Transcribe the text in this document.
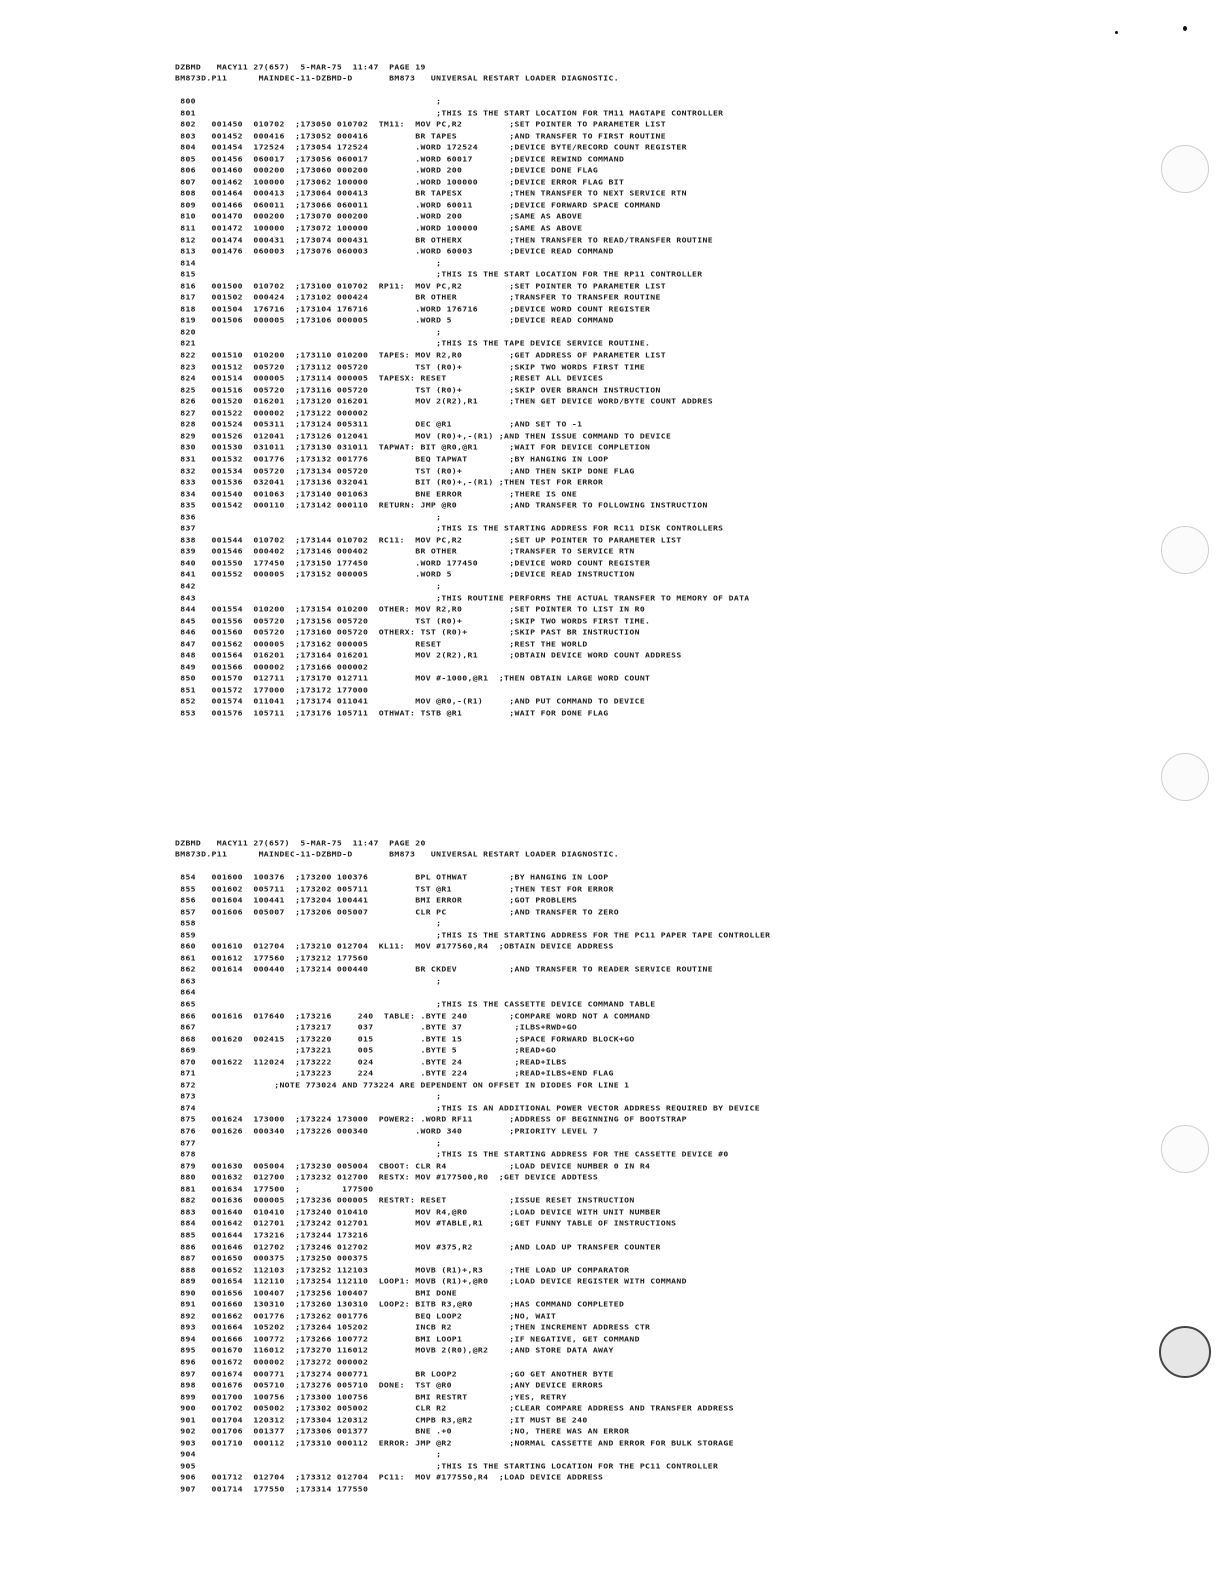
DZBMD   MACY11 27(657)  5-MAR-75  11:47  PAGE 19
BM873D.P11      MAINDEC-11-DZBMD-D       BM873   UNIVERSAL RESTART LOADER DIAGNOSTIC.
800                                              ;
801                                              ;THIS IS THE START LOCATION FOR TM11 MAGTAPE CONTROLLER
802   001450  010702  ;173050 010702  TM11:  MOV PC,R2         ;SET POINTER TO PARAMETER LIST
803   001452  000416  ;173052 000416         BR TAPES          ;AND TRANSFER TO FIRST ROUTINE
804   001454  172524  ;173054 172524         .WORD 172524      ;DEVICE BYTE/RECORD COUNT REGISTER
805   001456  060017  ;173056 060017         .WORD 60017       ;DEVICE REWIND COMMAND
806   001460  000200  ;173060 000200         .WORD 200         ;DEVICE DONE FLAG
807   001462  100000  ;173062 100000         .WORD 100000      ;DEVICE ERROR FLAG BIT
808   001464  000413  ;173064 000413         BR TAPESX         ;THEN TRANSFER TO NEXT SERVICE RTN
809   001466  060011  ;173066 060011         .WORD 60011       ;DEVICE FORWARD SPACE COMMAND
810   001470  000200  ;173070 000200         .WORD 200         ;SAME AS ABOVE
811   001472  100000  ;173072 100000         .WORD 100000      ;SAME AS ABOVE
812   001474  000431  ;173074 000431         BR OTHERX         ;THEN TRANSFER TO READ/TRANSFER ROUTINE
813   001476  060003  ;173076 060003         .WORD 60003       ;DEVICE READ COMMAND
814                                              ;
815                                              ;THIS IS THE START LOCATION FOR THE RP11 CONTROLLER
816   001500  010702  ;173100 010702  RP11:  MOV PC,R2         ;SET POINTER TO PARAMETER LIST
817   001502  000424  ;173102 000424         BR OTHER          ;TRANSFER TO TRANSFER ROUTINE
818   001504  176716  ;173104 176716         .WORD 176716      ;DEVICE WORD COUNT REGISTER
819   001506  000005  ;173106 000005         .WORD 5           ;DEVICE READ COMMAND
820                                              ;
821                                              ;THIS IS THE TAPE DEVICE SERVICE ROUTINE.
822   001510  010200  ;173110 010200  TAPES: MOV R2,R0         ;GET ADDRESS OF PARAMETER LIST
823   001512  005720  ;173112 005720         TST (R0)+         ;SKIP TWO WORDS FIRST TIME
824   001514  000005  ;173114 000005  TAPESX: RESET            ;RESET ALL DEVICES
825   001516  005720  ;173116 005720         TST (R0)+         ;SKIP OVER BRANCH INSTRUCTION
826   001520  016201  ;173120 016201         MOV 2(R2),R1      ;THEN GET DEVICE WORD/BYTE COUNT ADDRES
827   001522  000002  ;173122 000002
828   001524  005311  ;173124 005311         DEC @R1           ;AND SET TO -1
829   001526  012041  ;173126 012041         MOV (R0)+,-(R1) ;AND THEN ISSUE COMMAND TO DEVICE
830   001530  031011  ;173130 031011  TAPWAT: BIT @R0,@R1      ;WAIT FOR DEVICE COMPLETION
831   001532  001776  ;173132 001776         BEQ TAPWAT        ;BY HANGING IN LOOP
832   001534  005720  ;173134 005720         TST (R0)+         ;AND THEN SKIP DONE FLAG
833   001536  032041  ;173136 032041         BIT (R0)+,-(R1) ;THEN TEST FOR ERROR
834   001540  001063  ;173140 001063         BNE ERROR         ;THERE IS ONE
835   001542  000110  ;173142 000110  RETURN: JMP @R0          ;AND TRANSFER TO FOLLOWING INSTRUCTION
836                                              ;
837                                              ;THIS IS THE STARTING ADDRESS FOR RC11 DISK CONTROLLERS
838   001544  010702  ;173144 010702  RC11:  MOV PC,R2         ;SET UP POINTER TO PARAMETER LIST
839   001546  000402  ;173146 000402         BR OTHER          ;TRANSFER TO SERVICE RTN
840   001550  177450  ;173150 177450         .WORD 177450      ;DEVICE WORD COUNT REGISTER
841   001552  000005  ;173152 000005         .WORD 5           ;DEVICE READ INSTRUCTION
842                                              ;
843                                              ;THIS ROUTINE PERFORMS THE ACTUAL TRANSFER TO MEMORY OF DATA
844   001554  010200  ;173154 010200  OTHER: MOV R2,R0         ;SET POINTER TO LIST IN R0
845   001556  005720  ;173156 005720         TST (R0)+         ;SKIP TWO WORDS FIRST TIME.
846   001560  005720  ;173160 005720  OTHERX: TST (R0)+        ;SKIP PAST BR INSTRUCTION
847   001562  000005  ;173162 000005         RESET             ;REST THE WORLD
848   001564  016201  ;173164 016201         MOV 2(R2),R1      ;OBTAIN DEVICE WORD COUNT ADDRESS
849   001566  000002  ;173166 000002
850   001570  012711  ;173170 012711         MOV #-1000,@R1  ;THEN OBTAIN LARGE WORD COUNT
851   001572  177000  ;173172 177000
852   001574  011041  ;173174 011041         MOV @R0,-(R1)     ;AND PUT COMMAND TO DEVICE
853   001576  105711  ;173176 105711  OTHWAT: TSTB @R1         ;WAIT FOR DONE FLAG
DZBMD   MACY11 27(657)  5-MAR-75  11:47  PAGE 20
BM873D.P11      MAINDEC-11-DZBMD-D       BM873   UNIVERSAL RESTART LOADER DIAGNOSTIC.
854   001600  100376  ;173200 100376         BPL OTHWAT        ;BY HANGING IN LOOP
855   001602  005711  ;173202 005711         TST @R1           ;THEN TEST FOR ERROR
856   001604  100441  ;173204 100441         BMI ERROR         ;GOT PROBLEMS
857   001606  005007  ;173206 005007         CLR PC            ;AND TRANSFER TO ZERO
858                                              ;
859                                              ;THIS IS THE STARTING ADDRESS FOR THE PC11 PAPER TAPE CONTROLLER
860   001610  012704  ;173210 012704  KL11:  MOV #177560,R4  ;OBTAIN DEVICE ADDRESS
861   001612  177560  ;173212 177560
862   001614  000440  ;173214 000440         BR CKDEV          ;AND TRANSFER TO READER SERVICE ROUTINE
863                                              ;
864
865                                              ;THIS IS THE CASSETTE DEVICE COMMAND TABLE
866   001616  017640  ;173216     240  TABLE: .BYTE 240        ;COMPARE WORD NOT A COMMAND
867                   ;173217     037         .BYTE 37          ;ILBS+RWD+GO
868   001620  002415  ;173220     015         .BYTE 15          ;SPACE FORWARD BLOCK+GO
869                   ;173221     005         .BYTE 5           ;READ+GO
870   001622  112024  ;173222     024         .BYTE 24          ;READ+ILBS
871                   ;173223     224         .BYTE 224         ;READ+ILBS+END FLAG
872               ;NOTE 773024 AND 773224 ARE DEPENDENT ON OFFSET IN DIODES FOR LINE 1
873                                              ;
874                                              ;THIS IS AN ADDITIONAL POWER VECTOR ADDRESS REQUIRED BY DEVICE
875   001624  173000  ;173224 173000  POWER2: .WORD RF11       ;ADDRESS OF BEGINNING OF BOOTSTRAP
876   001626  000340  ;173226 000340         .WORD 340         ;PRIORITY LEVEL 7
877                                              ;
878                                              ;THIS IS THE STARTING ADDRESS FOR THE CASSETTE DEVICE #0
879   001630  005004  ;173230 005004  CBOOT: CLR R4            ;LOAD DEVICE NUMBER 0 IN R4
880   001632  012700  ;173232 012700  RESTX: MOV #177500,R0  ;GET DEVICE ADDTESS
881   001634  177500  ;        177500
882   001636  000005  ;173236 000005  RESTRT: RESET            ;ISSUE RESET INSTRUCTION
883   001640  010410  ;173240 010410         MOV R4,@R0        ;LOAD DEVICE WITH UNIT NUMBER
884   001642  012701  ;173242 012701         MOV #TABLE,R1     ;GET FUNNY TABLE OF INSTRUCTIONS
885   001644  173216  ;173244 173216
886   001646  012702  ;173246 012702         MOV #375,R2       ;AND LOAD UP TRANSFER COUNTER
887   001650  000375  ;173250 000375
888   001652  112103  ;173252 112103         MOVB (R1)+,R3     ;THE LOAD UP COMPARATOR
889   001654  112110  ;173254 112110  LOOP1: MOVB (R1)+,@R0    ;LOAD DEVICE REGISTER WITH COMMAND
890   001656  100407  ;173256 100407         BMI DONE
891   001660  130310  ;173260 130310  LOOP2: BITB R3,@R0       ;HAS COMMAND COMPLETED
892   001662  001776  ;173262 001776         BEQ LOOP2         ;NO, WAIT
893   001664  105202  ;173264 105202         INCB R2           ;THEN INCREMENT ADDRESS CTR
894   001666  100772  ;173266 100772         BMI LOOP1         ;IF NEGATIVE, GET COMMAND
895   001670  116012  ;173270 116012         MOVB 2(R0),@R2    ;AND STORE DATA AWAY
896   001672  000002  ;173272 000002
897   001674  000771  ;173274 000771         BR LOOP2          ;GO GET ANOTHER BYTE
898   001676  005710  ;173276 005710  DONE:  TST @R0           ;ANY DEVICE ERRORS
899   001700  100756  ;173300 100756         BMI RESTRT        ;YES, RETRY
900   001702  005002  ;173302 005002         CLR R2            ;CLEAR COMPARE ADDRESS AND TRANSFER ADDRESS
901   001704  120312  ;173304 120312         CMPB R3,@R2       ;IT MUST BE 240
902   001706  001377  ;173306 001377         BNE .+0           ;NO, THERE WAS AN ERROR
903   001710  000112  ;173310 000112  ERROR: JMP @R2           ;NORMAL CASSETTE AND ERROR FOR BULK STORAGE
904                                              ;
905                                              ;THIS IS THE STARTING LOCATION FOR THE PC11 CONTROLLER
906   001712  012704  ;173312 012704  PC11:  MOV #177550,R4  ;LOAD DEVICE ADDRESS
907   001714  177550  ;173314 177550
